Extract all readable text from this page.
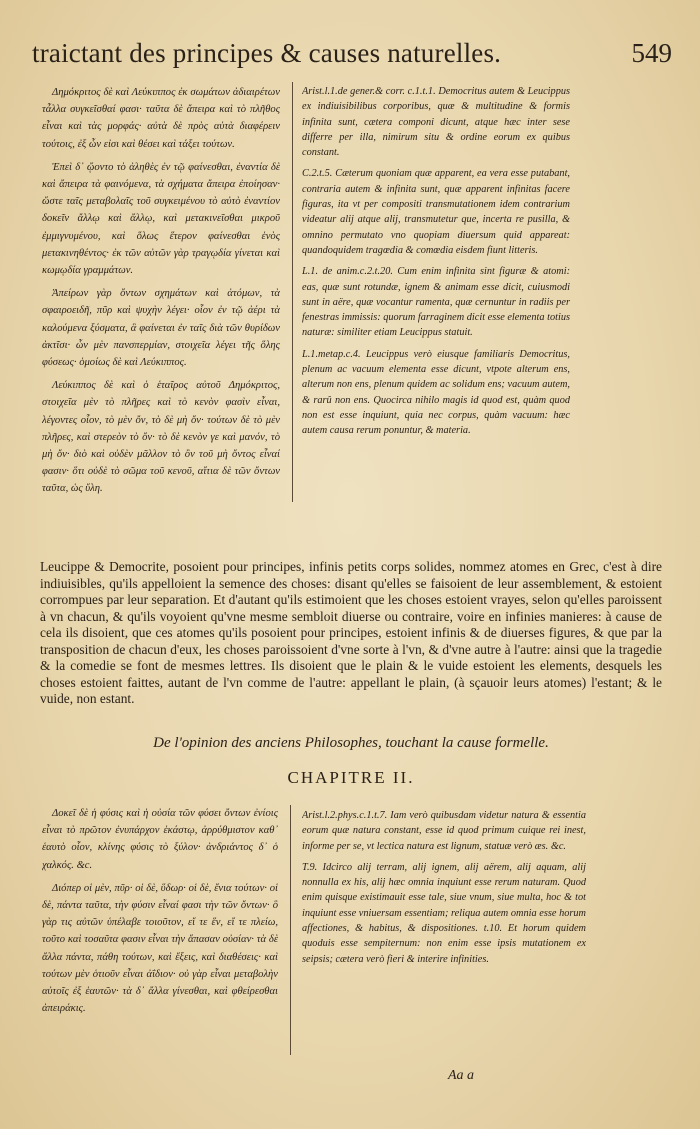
traictant des principes & causes naturelles.	549

Δημόκριτος δὲ καὶ Λεύκιππος ἐκ σωμάτων ἀδιαιρέτων τἆλλα συγκεῖσθαί φασι· ταῦτα δὲ ἄπειρα καὶ τὸ πλῆθος εἶναι καὶ τὰς μορφάς· αὐτὰ δὲ πρὸς αὑτὰ διαφέρειν τούτοις, ἐξ ὧν εἰσι καὶ θέσει καὶ τάξει τούτων.

Ἐπεὶ δ᾽ ᾤοντο τὸ ἀληθὲς ἐν τῷ φαίνεσθαι, ἐναντία δὲ καὶ ἄπειρα τὰ φαινόμενα, τὰ σχήματα ἄπειρα ἐποίησαν· ὥστε ταῖς μεταβολαῖς τοῦ συγκειμένου τὸ αὐτὸ ἐναντίον δοκεῖν ἄλλῳ καὶ ἄλλῳ, καὶ μετακινεῖσθαι μικροῦ ἐμμιγνυμένου, καὶ ὅλως ἕτερον φαίνεσθαι ἑνὸς μετακινηθέντος· ἐκ τῶν αὐτῶν γὰρ τραγῳδία γίνεται καὶ κωμῳδία γραμμάτων.

Ἀπείρων γὰρ ὄντων σχημάτων καὶ ἀτόμων, τὰ σφαιροειδῆ, πῦρ καὶ ψυχὴν λέγει· οἷον ἐν τῷ ἀέρι τὰ καλούμενα ξύσματα, ἃ φαίνεται ἐν ταῖς διὰ τῶν θυρίδων ἀκτῖσι· ὧν μὲν πανσπερμίαν, στοιχεῖα λέγει τῆς ὅλης φύσεως· ὁμοίως δὲ καὶ Λεύκιππος.

Λεύκιππος δὲ καὶ ὁ ἑταῖρος αὐτοῦ Δημόκριτος, στοιχεῖα μὲν τὸ πλῆρες καὶ τὸ κενὸν φασὶν εἶναι, λέγοντες οἷον, τὸ μὲν ὄν, τὸ δὲ μὴ ὄν· τούτων δὲ τὸ μὲν πλῆρες, καὶ στερεὸν τὸ ὄν· τὸ δὲ κενὸν γε καὶ μανόν, τὸ μὴ ὄν· διὸ καὶ οὐδὲν μᾶλλον τὸ ὂν τοῦ μὴ ὄντος εἶναί φασιν· ὅτι οὐδὲ τὸ σῶμα τοῦ κενοῦ, αἴτια δὲ τῶν ὄντων ταῦτα, ὡς ὕλη.

Arist.l.1.de gener.& corr. c.1.t.1. Democritus autem & Leucippus ex indiuisibilibus corporibus, quæ & multitudine & formis infinita sunt, cætera componi dicunt, atque hæc inter sese differre per illa, nimirum situ & ordine eorum ex quibus constant.

C.2.t.5. Cæterum quoniam quæ apparent, ea vera esse putabant, contraria autem & infinita sunt, quæ apparent infinitas facere figuras, ita vt per compositi transmutationem idem contrarium videatur alij atque alij, transmutetur que, incerta re pusilla, & omnino permutato vno quopiam diuersum quid appareat: quandoquidem tragœdia & comœdia eisdem fiunt litteris.

L.1. de anim.c.2.t.20. Cum enim infinita sint figuræ & atomi: eas, quæ sunt rotundæ, ignem & animam esse dicit, cuiusmodi sunt in aëre, quæ vocantur ramenta, quæ cernuntur in radiis per fenestras immissis: quorum farraginem dicit esse elementa totius naturæ: similiter etiam Leucippus statuit.

L.1.metap.c.4. Leucippus verò eiusque familiaris Democritus, plenum ac vacuum elementa esse dicunt, vtpote alterum ens, alterum non ens, plenum quidem ac solidum ens; vacuum autem, & rarû non ens. Quocirca nihilo magis id quod est, quàm quod non est esse inquiunt, quia nec corpus, quàm vacuum: hæc autem causa rerum ponuntur, & materia.

Leucippe & Democrite, posoient pour principes, infinis petits corps solides, nommez atomes en Grec, c'est à dire indiuisibles, qu'ils appelloient la semence des choses: disant qu'elles se faisoient de leur assemblement, & estoient corrompues par leur separation. Et d'autant qu'ils estimoient que les choses estoient vrayes, selon qu'elles paroissent à vn chacun, & qu'ils voyoient qu'vne mesme sembloit diuerse ou contraire, voire en infinies manieres: à cause de cela ils disoient, que ces atomes qu'ils posoient pour principes, estoient infinis & de diuerses figures, & que par la transposition de chacun d'eux, les choses paroissoient d'vne sorte à l'vn, & d'vne autre à l'autre: ainsi que la tragedie & la comedie se font de mesmes lettres. Ils disoient que le plain & le vuide estoient les elements, desquels les choses estoient faittes, autant de l'vn comme de l'autre: appellant le plain, (à sçauoir leurs atomes) l'estant; & le vuide, non estant.

De l'opinion des anciens Philosophes, touchant la cause formelle.
CHAPITRE II.

Δοκεῖ δὲ ἡ φύσις καὶ ἡ οὐσία τῶν φύσει ὄντων ἐνίοις εἶναι τὸ πρῶτον ἐνυπάρχον ἑκάστῳ, ἀρρύθμιστον καθ᾽ ἑαυτὸ οἷον, κλίνης φύσις τὸ ξύλον· ἀνδριάντος δ᾽ ὁ χαλκός. &c.

Διόπερ οἱ μὲν, πῦρ· οἱ δὲ, ὕδωρ· οἱ δὲ, ἔνια τούτων· οἱ δὲ, πάντα ταῦτα, τὴν φύσιν εἶναί φασι τὴν τῶν ὄντων· ὃ γὰρ τις αὐτῶν ὑπέλαβε τοιοῦτον, εἴ τε ἕν, εἴ τε πλείω, τοῦτο καὶ τοσαῦτα φασιν εἶναι τὴν ἅπασαν οὐσίαν· τὰ δὲ ἄλλα πάντα, πάθη τούτων, καὶ ἕξεις, καὶ διαθέσεις· καὶ τούτων μὲν ὁτιοῦν εἶναι ἀΐδιον· οὐ γὰρ εἶναι μεταβολὴν αὐτοῖς ἐξ ἑαυτῶν· τὰ δ᾽ ἄλλα γίνεσθαι, καὶ φθείρεσθαι ἀπειράκις.

Arist.l.2.phys.c.1.t.7. Iam verò quibusdam videtur natura & essentia eorum quæ natura constant, esse id quod primum cuique rei inest, informe per se, vt lectica natura est lignum, statuæ verò æs. &c.

T.9. Idcirco alij terram, alij ignem, alij aërem, alij aquam, alij nonnulla ex his, alij hæc omnia inquiunt esse rerum naturam. Quod enim quisque existimauit esse tale, siue vnum, siue multa, hoc & tot inquiunt esse vniuersam essentiam; reliqua autem omnia esse horum affectiones, & habitus, & dispositiones. t.10. Et horum quidem quoduis esse sempiternum: non enim esse ipsis mutationem ex seipsis; cætera verò fieri & interire infinities.

Aa a
